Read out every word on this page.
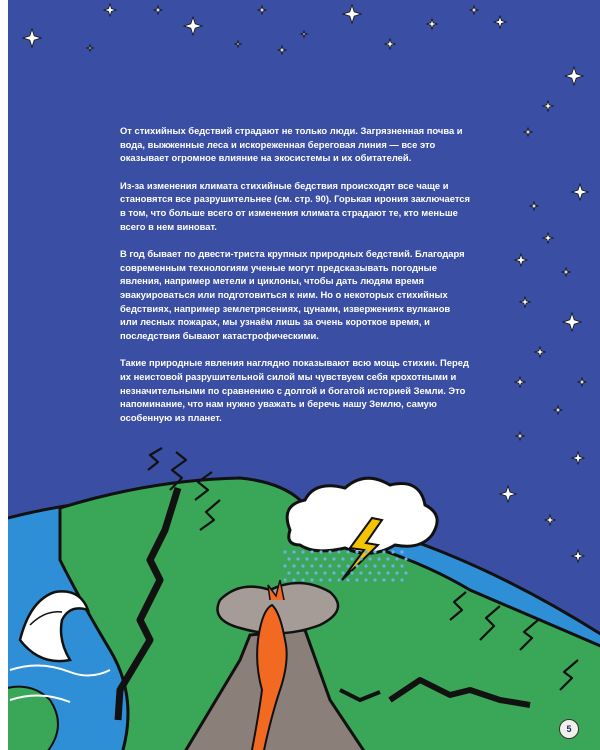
От стихийных бедствий страдают не только люди. Загрязненная почва и вода, выжженные леса и искореженная береговая линия — все это оказывает огромное влияние на экосистемы и их обитателей.

Из-за изменения климата стихийные бедствия происходят все чаще и становятся все разрушительнее (см. стр. 90). Горькая ирония заключается в том, что больше всего от изменения климата страдают те, кто меньше всего в нем виноват.

В год бывает по двести-триста крупных природных бедствий. Благодаря современным технологиям ученые могут предсказывать погодные явления, например метели и циклоны, чтобы дать людям время эвакуироваться или подготовиться к ним. Но о некоторых стихийных бедствиях, например землетрясениях, цунами, извержениях вулканов или лесных пожарах, мы узнаём лишь за очень короткое время, и последствия бывают катастрофическими.

Такие природные явления наглядно показывают всю мощь стихии. Перед их неистовой разрушительной силой мы чувствуем себя крохотными и незначительными по сравнению с долгой и богатой историей Земли. Это напоминание, что нам нужно уважать и беречь нашу Землю, самую особенную из планет.

5
